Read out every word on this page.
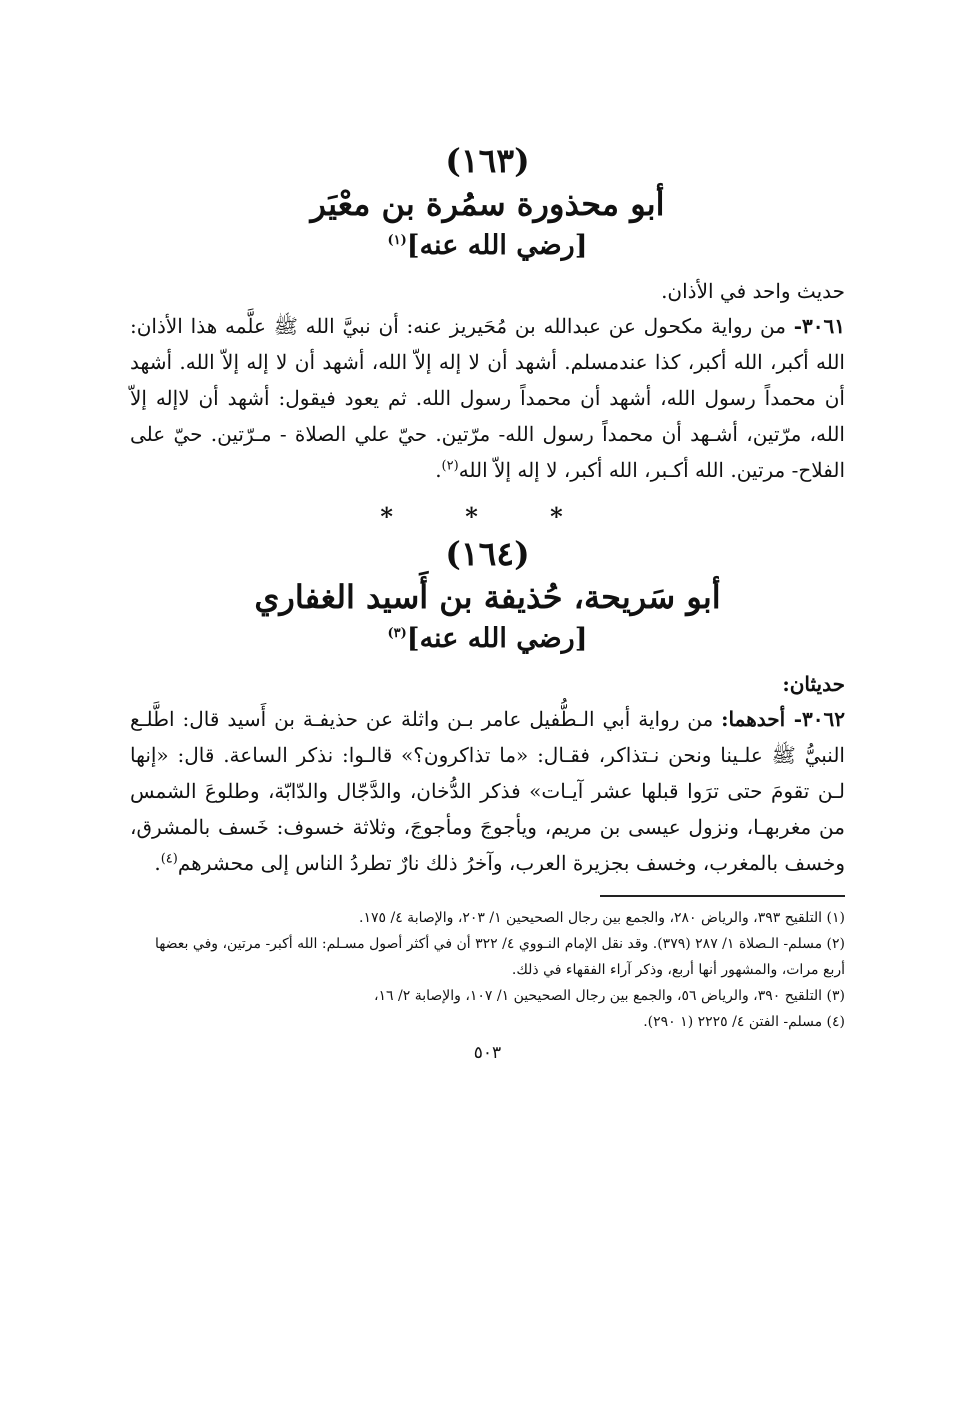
(١٦٣)
أبو محذورة سمُرة بن معْيَر
[رضي الله عنه]$^{(١)}$

حديث واحد في الأذان.

٣٠٦١- من رواية مكحول عن عبدالله بن مُحَيريز عنه: أن نبيَّ الله ﷺ علَّمه هذا الأذان: الله أكبر، الله أكبر، كذا عندمسلم. أشهد أن لا إله إلاّ الله، أشهد أن لا إله إلاّ الله. أشهد أن محمداً رسول الله، أشهد أن محمداً رسول الله. ثم يعود فيقول: أشهد أن لاإله إلاّ الله، مرّتين، أشـهد أن محمداً رسول الله- مرّتين. حيّ علي الصلاة - مـرّتين. حيّ على الفلاح- مرتين. الله أكـبر، الله أكبر، لا إله إلاّ الله$^{(٢)}$.

* * *
(١٦٤)
أبو سَريحة، حُذيفة بن أَسيد الغفاري
[رضي الله عنه]$^{(٣)}$

حديثان:

٣٠٦٢- أحدهما: من رواية أبي الـطُّفيل عامر بـن واثلة عن حذيفـة بن أَسيد قال: اطَّلـع النبيُّ ﷺ علـينا ونحن نـتذاكر، فقـال: «ما تذاكرون؟» قالـوا: نذكر الساعة. قال: «إنها لـن تقومَ حتى ترَوا قبلها عشر آيـات» فذكر الدُّخان، والدَّجّال والدّابّة، وطلوعَ الشمس من مغربهـا، ونزول عيسى بن مريم، ويأجوجَ ومأجوجَ، وثلاثة خسوف: خَسف بالمشرق، وخسف بالمغرب، وخسف بجزيرة العرب، وآخرُ ذلك نارٌ تطردُ الناس إلى محشرهم$^{(٤)}$.

(١) التلقيح ٣٩٣، والرياض ٢٨٠، والجمع بين رجال الصحيحين ١/ ٢٠٣، والإصابة ٤/ ١٧٥.

(٢) مسلم- الـصلاة ١/ ٢٨٧ (٣٧٩). وقد نقل الإمام النـووي ٤/ ٣٢٢ أن في أكثر أصول مسـلم: الله أكبر- مرتين، وفي بعضها أربع مرات، والمشهور أنها أربع، وذكر آراء الفقهاء في ذلك.

(٣) التلقيح ٣٩٠، والرياض ٥٦، والجمع بين رجال الصحيحين ١/ ١٠٧، والإصابة ٢/ ١٦،

(٤) مسلم- الفتن ٤/ ٢٢٢٥ (١ ٢٩٠).

٥٠٣
